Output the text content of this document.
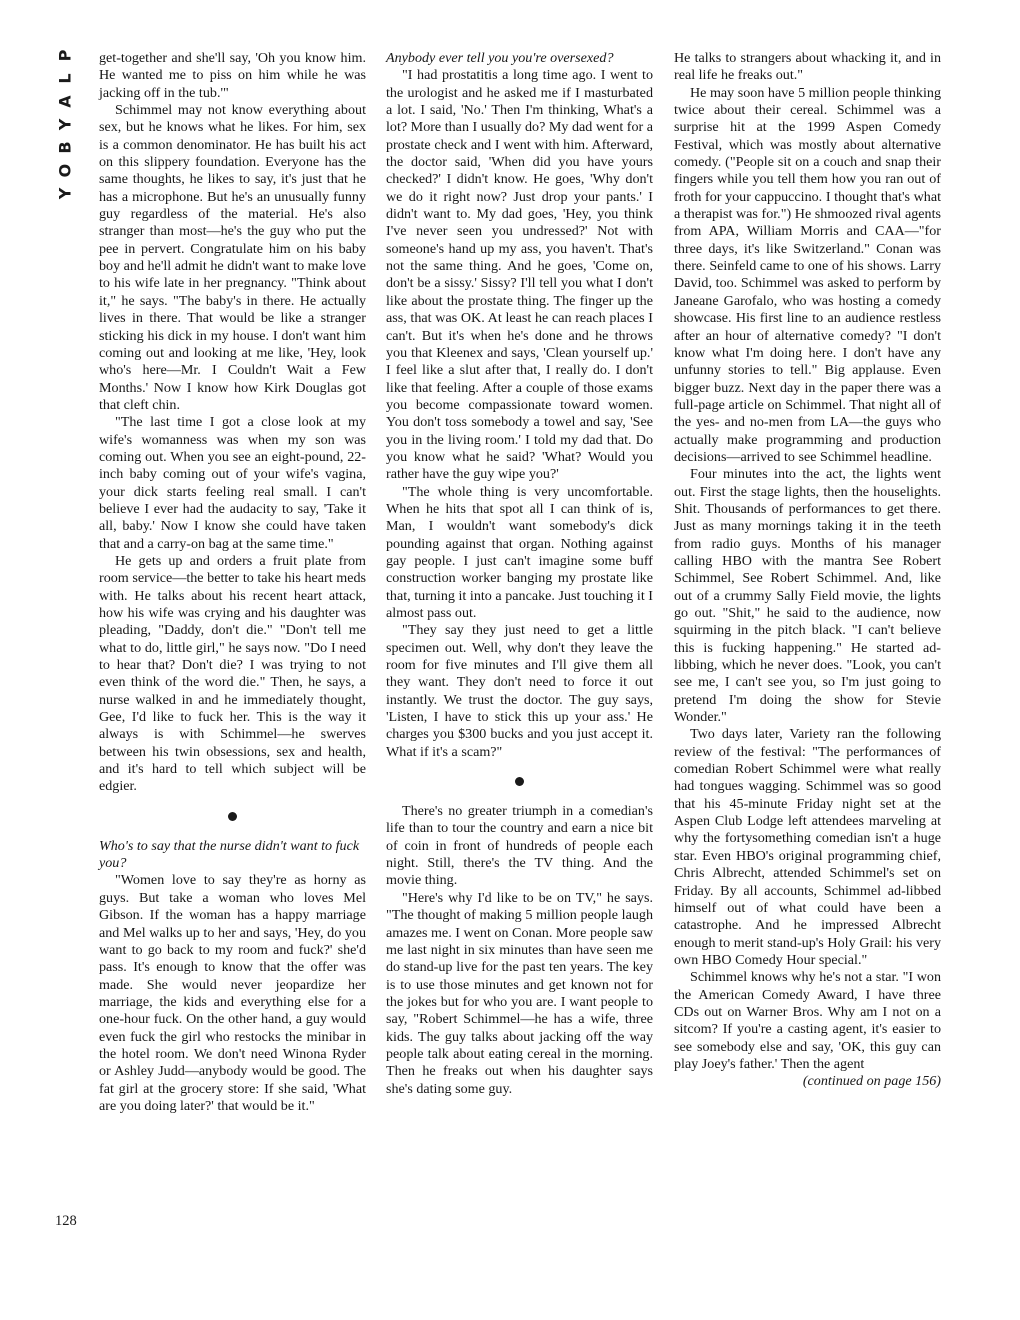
P
L
A
Y
B
O
Y

get-together and she'll say, 'Oh you know him. He wanted me to piss on him while he was jacking off in the tub.'"

Schimmel may not know everything about sex, but he knows what he likes. For him, sex is a common denominator. He has built his act on this slippery foundation. Everyone has the same thoughts, he likes to say, it's just that he has a microphone. But he's an unusually funny guy regardless of the material. He's also stranger than most—he's the guy who put the pee in pervert. Congratulate him on his baby boy and he'll admit he didn't want to make love to his wife late in her pregnancy. "Think about it," he says. "The baby's in there. He actually lives in there. That would be like a stranger sticking his dick in my house. I don't want him coming out and looking at me like, 'Hey, look who's here—Mr. I Couldn't Wait a Few Months.' Now I know how Kirk Douglas got that cleft chin.

"The last time I got a close look at my wife's womanness was when my son was coming out. When you see an eight-pound, 22-inch baby coming out of your wife's vagina, your dick starts feeling real small. I can't believe I ever had the audacity to say, 'Take it all, baby.' Now I know she could have taken that and a carry-on bag at the same time."

He gets up and orders a fruit plate from room service—the better to take his heart meds with. He talks about his recent heart attack, how his wife was crying and his daughter was pleading, "Daddy, don't die." "Don't tell me what to do, little girl," he says now. "Do I need to hear that? Don't die? I was trying to not even think of the word die." Then, he says, a nurse walked in and he immediately thought, Gee, I'd like to fuck her. This is the way it always is with Schimmel—he swerves between his twin obsessions, sex and health, and it's hard to tell which subject will be edgier.

Who's to say that the nurse didn't want to fuck you?

"Women love to say they're as horny as guys. But take a woman who loves Mel Gibson. If the woman has a happy marriage and Mel walks up to her and says, 'Hey, do you want to go back to my room and fuck?' she'd pass. It's enough to know that the offer was made. She would never jeopardize her marriage, the kids and everything else for a one-hour fuck. On the other hand, a guy would even fuck the girl who restocks the minibar in the hotel room. We don't need Winona Ryder or Ashley Judd—anybody would be good. The fat girl at the grocery store: If she said, 'What are you doing later?' that would be it."

Anybody ever tell you you're oversexed?

"I had prostatitis a long time ago. I went to the urologist and he asked me if I masturbated a lot. I said, 'No.' Then I'm thinking, What's a lot? More than I usually do? My dad went for a prostate check and I went with him. Afterward, the doctor said, 'When did you have yours checked?' I didn't know. He goes, 'Why don't we do it right now? Just drop your pants.' I didn't want to. My dad goes, 'Hey, you think I've never seen you undressed?' Not with someone's hand up my ass, you haven't. That's not the same thing. And he goes, 'Come on, don't be a sissy.' Sissy? I'll tell you what I don't like about the prostate thing. The finger up the ass, that was OK. At least he can reach places I can't. But it's when he's done and he throws you that Kleenex and says, 'Clean yourself up.' I feel like a slut after that, I really do. I don't like that feeling. After a couple of those exams you become compassionate toward women. You don't toss somebody a towel and say, 'See you in the living room.' I told my dad that. Do you know what he said? 'What? Would you rather have the guy wipe you?'

"The whole thing is very uncomfortable. When he hits that spot all I can think of is, Man, I wouldn't want somebody's dick pounding against that organ. Nothing against gay people. I just can't imagine some buff construction worker banging my prostate like that, turning it into a pancake. Just touching it I almost pass out.

"They say they just need to get a little specimen out. Well, why don't they leave the room for five minutes and I'll give them all they want. They don't need to force it out instantly. We trust the doctor. The guy says, 'Listen, I have to stick this up your ass.' He charges you $300 bucks and you just accept it. What if it's a scam?"

There's no greater triumph in a comedian's life than to tour the country and earn a nice bit of coin in front of hundreds of people each night. Still, there's the TV thing. And the movie thing.

"Here's why I'd like to be on TV," he says. "The thought of making 5 million people laugh amazes me. I went on Conan. More people saw me last night in six minutes than have seen me do stand-up live for the past ten years. The key is to use those minutes and get known not for the jokes but for who you are. I want people to say, "Robert Schimmel—he has a wife, three kids. The guy talks about jacking off the way people talk about eating cereal in the morning. Then he freaks out when his daughter says she's dating some guy.

He talks to strangers about whacking it, and in real life he freaks out."

He may soon have 5 million people thinking twice about their cereal. Schimmel was a surprise hit at the 1999 Aspen Comedy Festival, which was mostly about alternative comedy. ("People sit on a couch and snap their fingers while you tell them how you ran out of froth for your cappuccino. I thought that's what a therapist was for.") He shmoozed rival agents from APA, William Morris and CAA—"for three days, it's like Switzerland." Conan was there. Seinfeld came to one of his shows. Larry David, too. Schimmel was asked to perform by Janeane Garofalo, who was hosting a comedy showcase. His first line to an audience restless after an hour of alternative comedy? "I don't know what I'm doing here. I don't have any unfunny stories to tell." Big applause. Even bigger buzz. Next day in the paper there was a full-page article on Schimmel. That night all of the yes- and no-men from LA—the guys who actually make programming and production decisions—arrived to see Schimmel headline.

Four minutes into the act, the lights went out. First the stage lights, then the houselights. Shit. Thousands of performances to get there. Just as many mornings taking it in the teeth from radio guys. Months of his manager calling HBO with the mantra See Robert Schimmel, See Robert Schimmel. And, like out of a crummy Sally Field movie, the lights go out. "Shit," he said to the audience, now squirming in the pitch black. "I can't believe this is fucking happening." He started ad-libbing, which he never does. "Look, you can't see me, I can't see you, so I'm just going to pretend I'm doing the show for Stevie Wonder."

Two days later, Variety ran the following review of the festival: "The performances of comedian Robert Schimmel were what really had tongues wagging. Schimmel was so good that his 45-minute Friday night set at the Aspen Club Lodge left attendees marveling at why the fortysomething comedian isn't a huge star. Even HBO's original programming chief, Chris Albrecht, attended Schimmel's set on Friday. By all accounts, Schimmel ad-libbed himself out of what could have been a catastrophe. And he impressed Albrecht enough to merit stand-up's Holy Grail: his very own HBO Comedy Hour special."

Schimmel knows why he's not a star. "I won the American Comedy Award, I have three CDs out on Warner Bros. Why am I not on a sitcom? If you're a casting agent, it's easier to see somebody else and say, 'OK, this guy can play Joey's father.' Then the agent

(continued on page 156)

128
